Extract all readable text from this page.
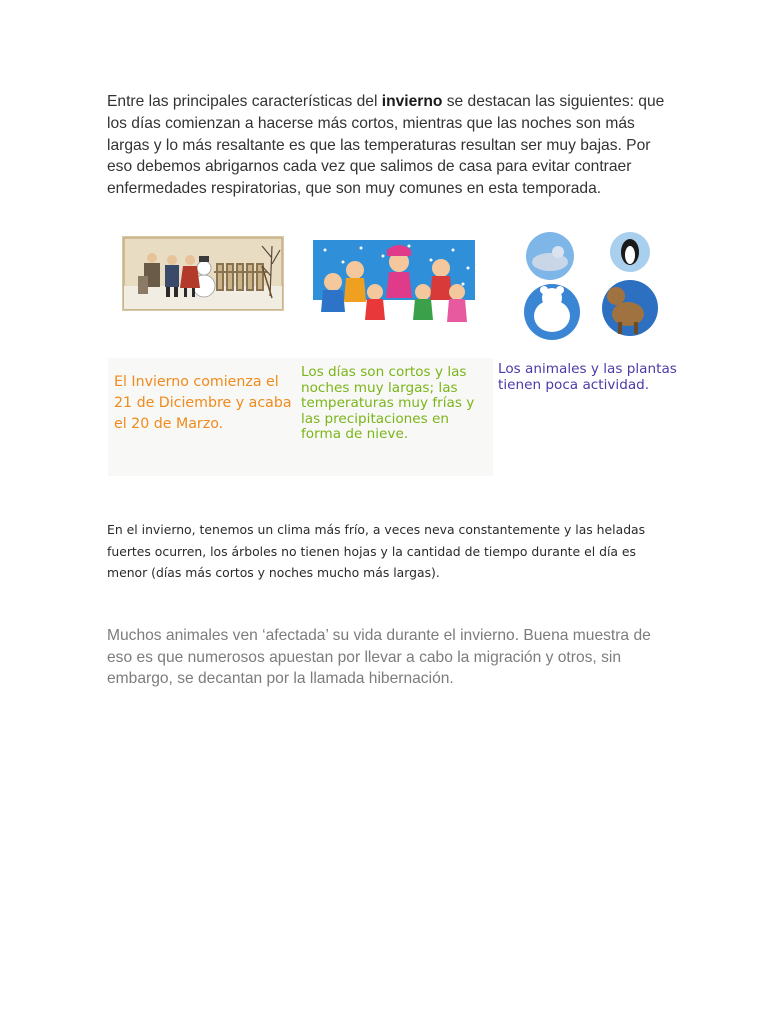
Entre las principales características del invierno se destacan las siguientes: que los días comienzan a hacerse más cortos, mientras que las noches son más largas y lo más resaltante es que las temperaturas resultan ser muy bajas. Por eso debemos abrigarnos cada vez que salimos de casa para evitar contraer enfermedades respiratorias, que son muy comunes en esta temporada.
El Invierno comienza el 21 de Diciembre y acaba el 20 de Marzo.
Los días son cortos y las noches muy largas; las temperaturas muy frías y las precipitaciones en forma de nieve.
Los animales y las plantas tienen poca actividad.
En el invierno, tenemos un clima más frío, a veces neva constantemente y las heladas fuertes ocurren, los árboles no tienen hojas y la cantidad de tiempo durante el día es menor (días más cortos y noches mucho más largas).
Muchos animales ven ‘afectada’ su vida durante el invierno. Buena muestra de eso es que numerosos apuestan por llevar a cabo la migración y otros, sin embargo, se decantan por la llamada hibernación.
